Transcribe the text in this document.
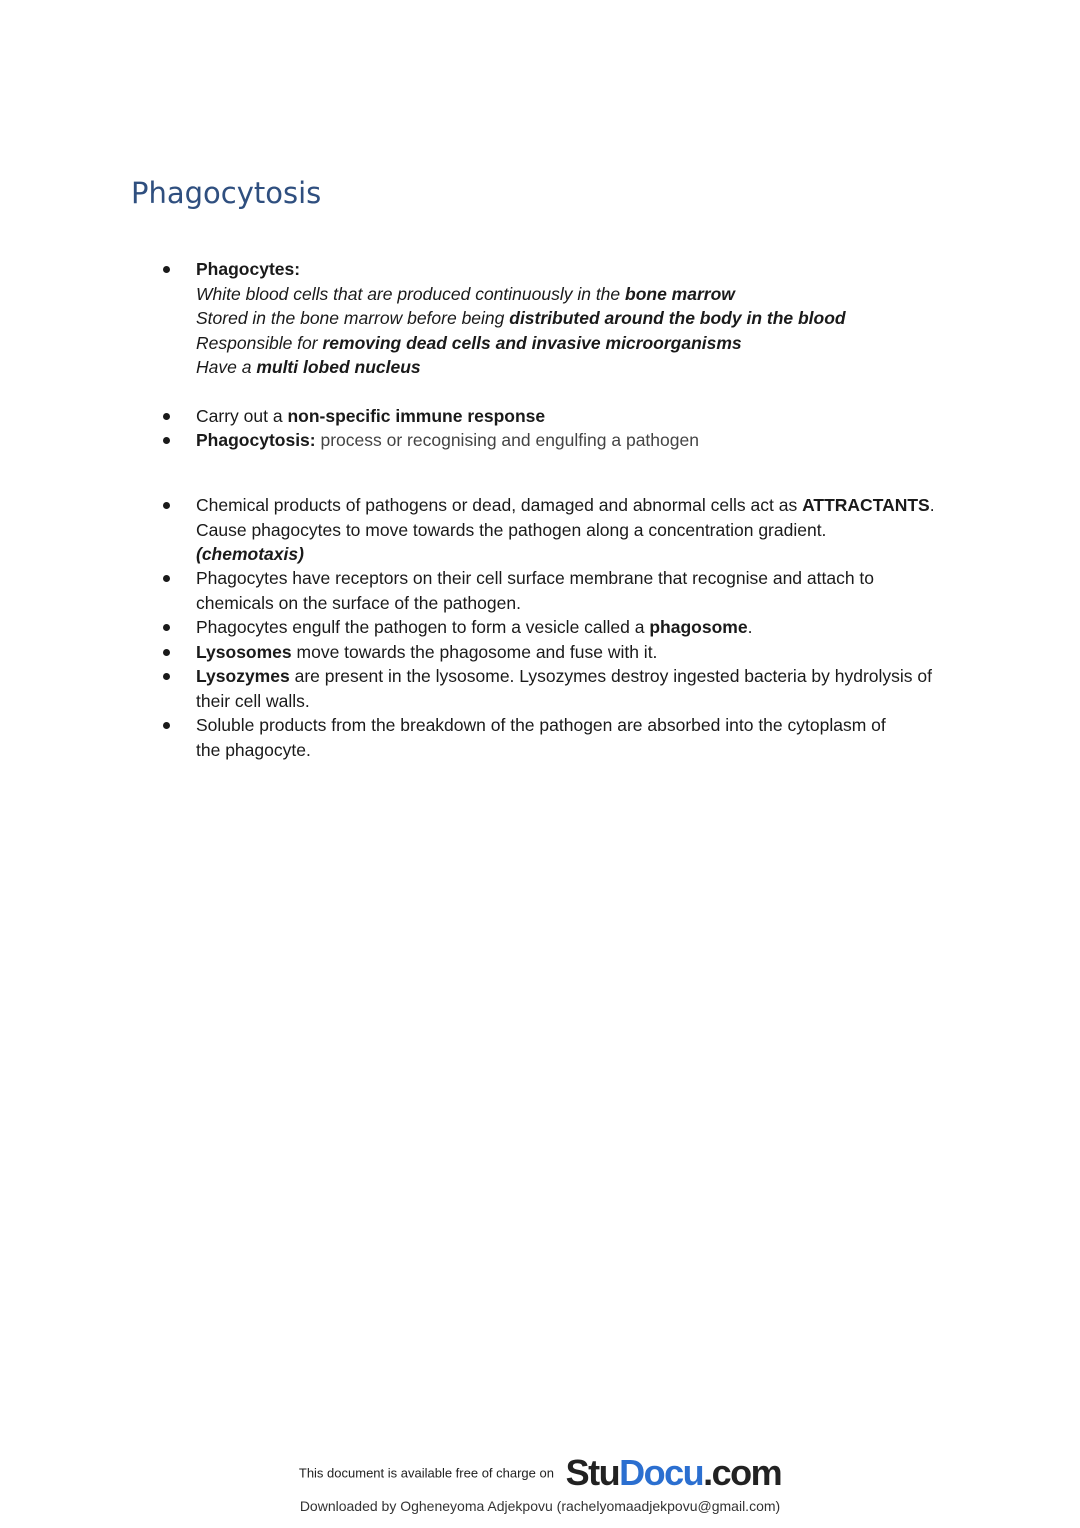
Phagocytosis
Phagocytes:
White blood cells that are produced continuously in the bone marrow
Stored in the bone marrow before being distributed around the body in the blood
Responsible for removing dead cells and invasive microorganisms
Have a multi lobed nucleus
Carry out a non-specific immune response
Phagocytosis: process or recognising and engulfing a pathogen
Chemical products of pathogens or dead, damaged and abnormal cells act as ATTRACTANTS.
Cause phagocytes to move towards the pathogen along a concentration gradient.
(chemotaxis)
Phagocytes have receptors on their cell surface membrane that recognise and attach to
chemicals on the surface of the pathogen.
Phagocytes engulf the pathogen to form a vesicle called a phagosome.
Lysosomes move towards the phagosome and fuse with it.
Lysozymes are present in the lysosome. Lysozymes destroy ingested bacteria by hydrolysis of
their cell walls.
Soluble products from the breakdown of the pathogen are absorbed into the cytoplasm of
the phagocyte.
This document is available free of charge on StuDocu.com
Downloaded by Ogheneyoma Adjekpovu (rachelyomaadjekpovu@gmail.com)
